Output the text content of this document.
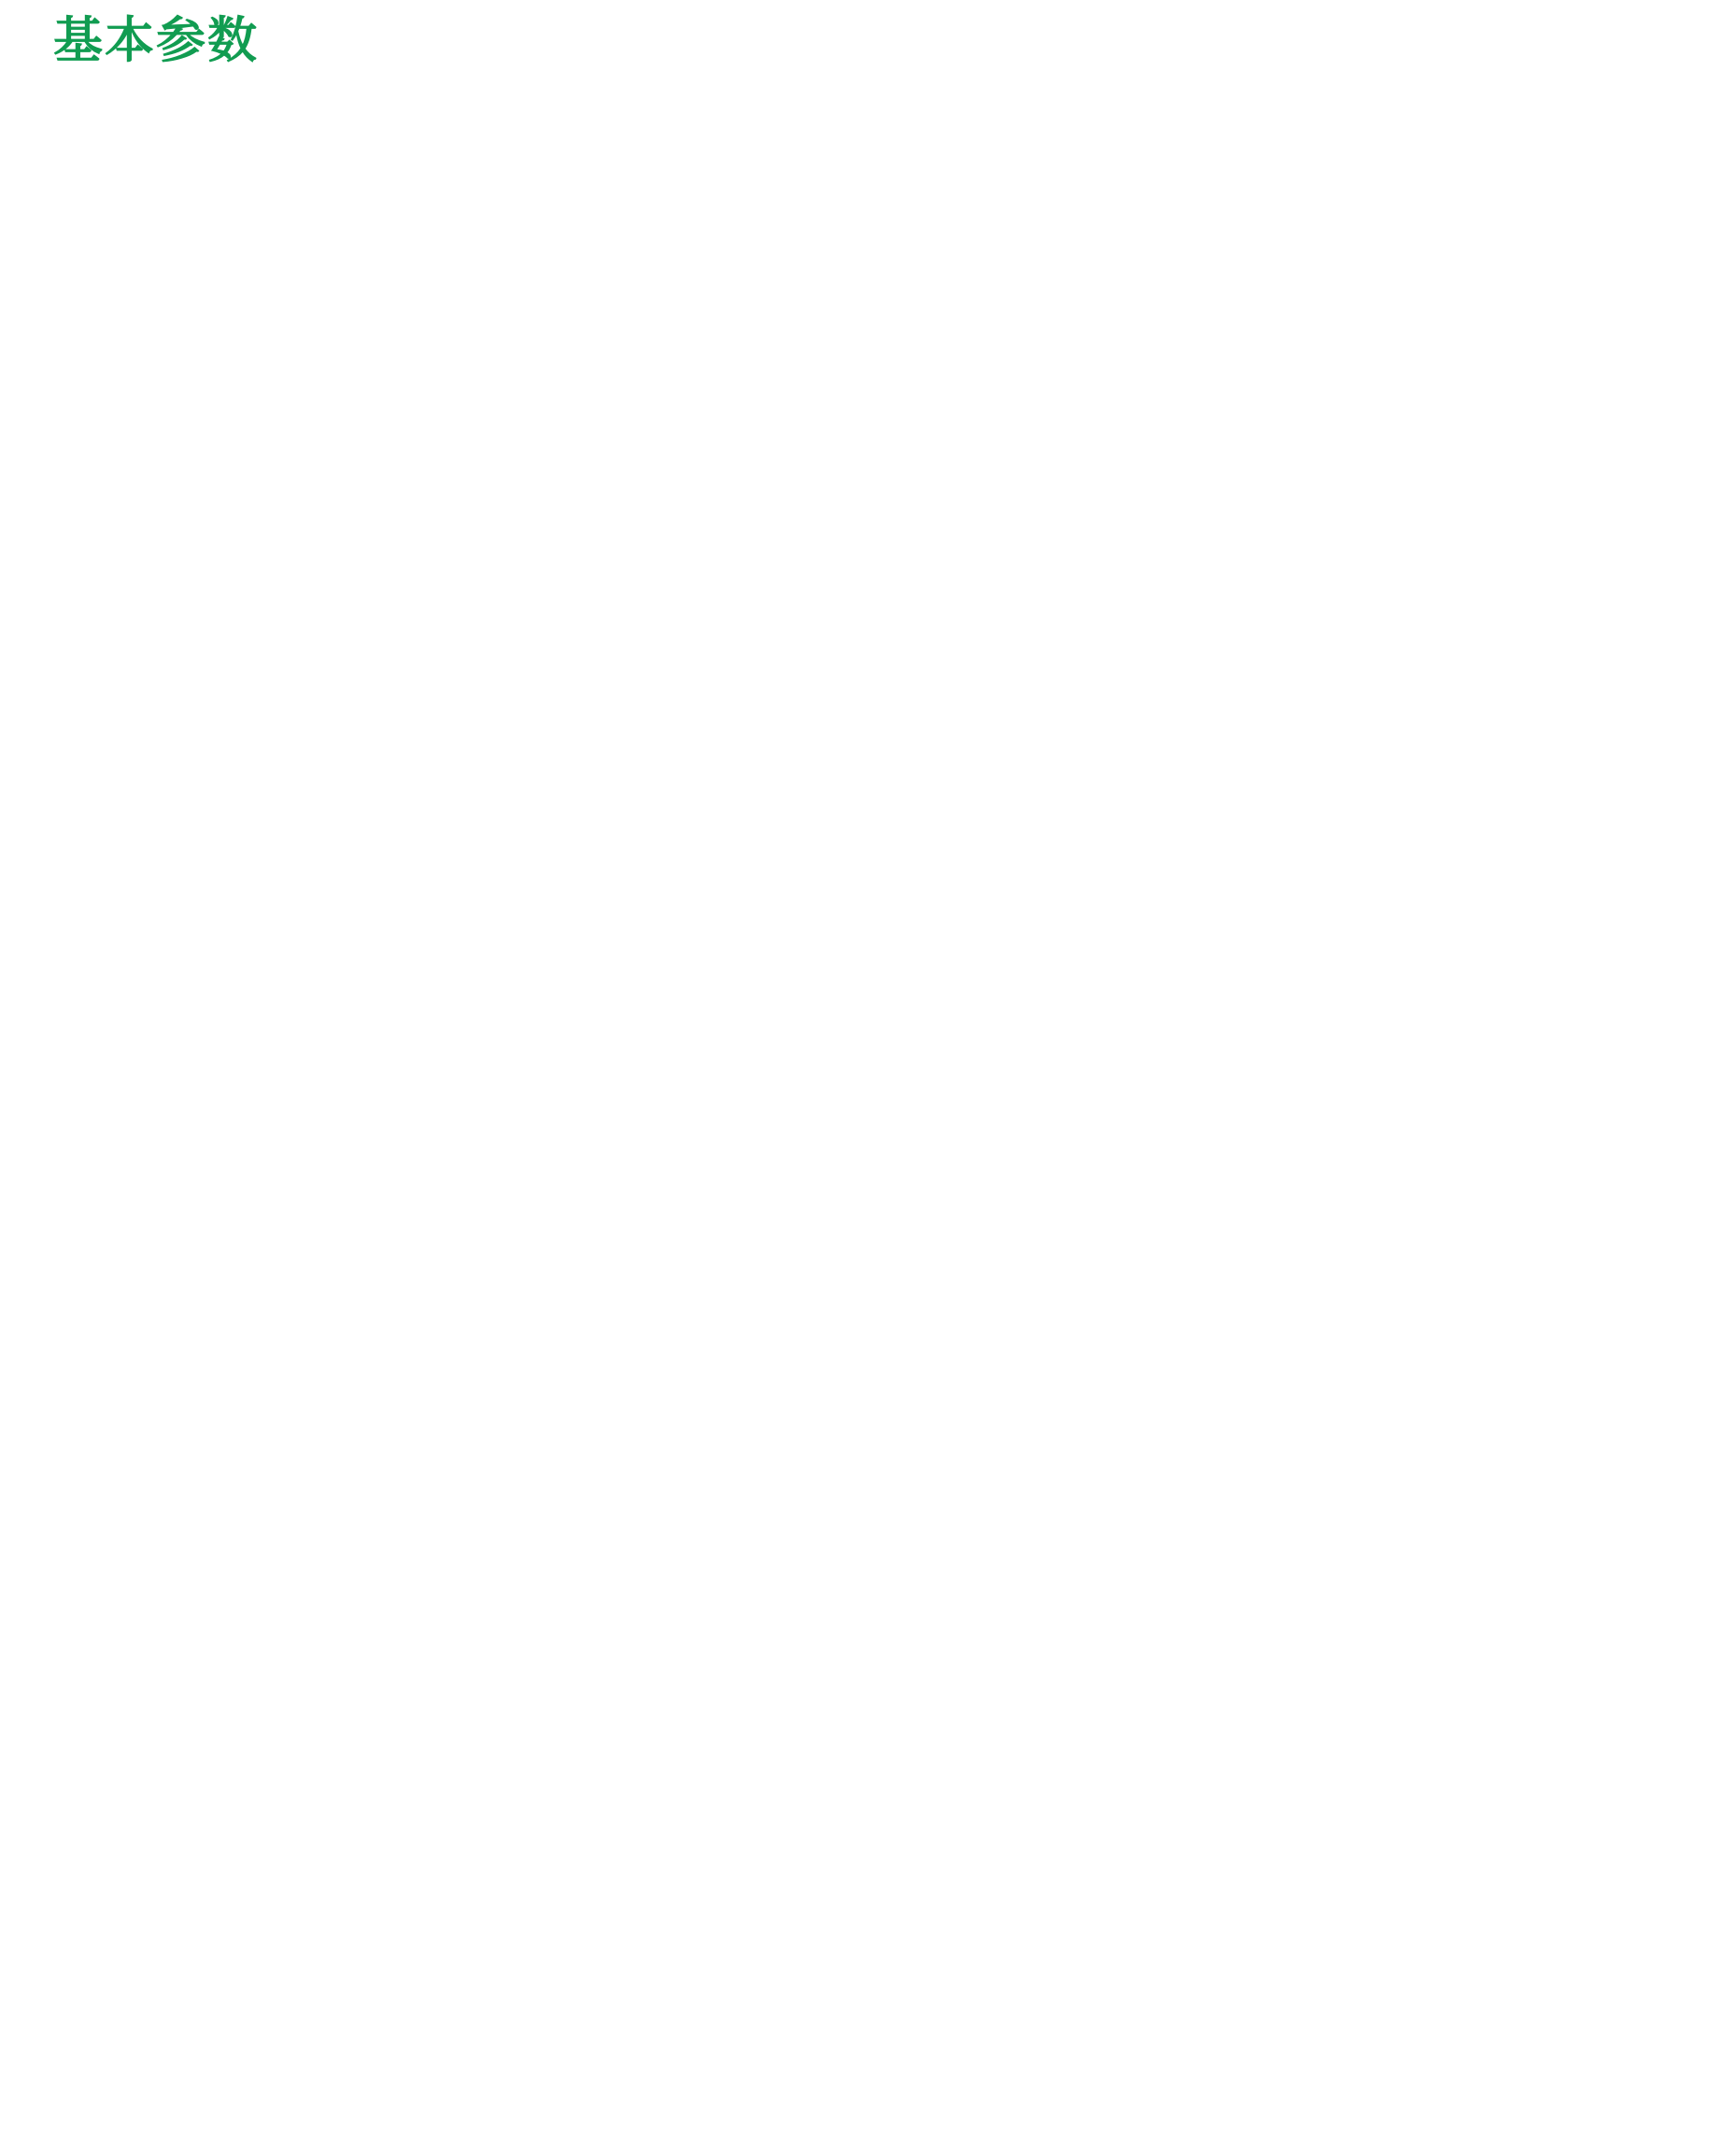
基本参数
